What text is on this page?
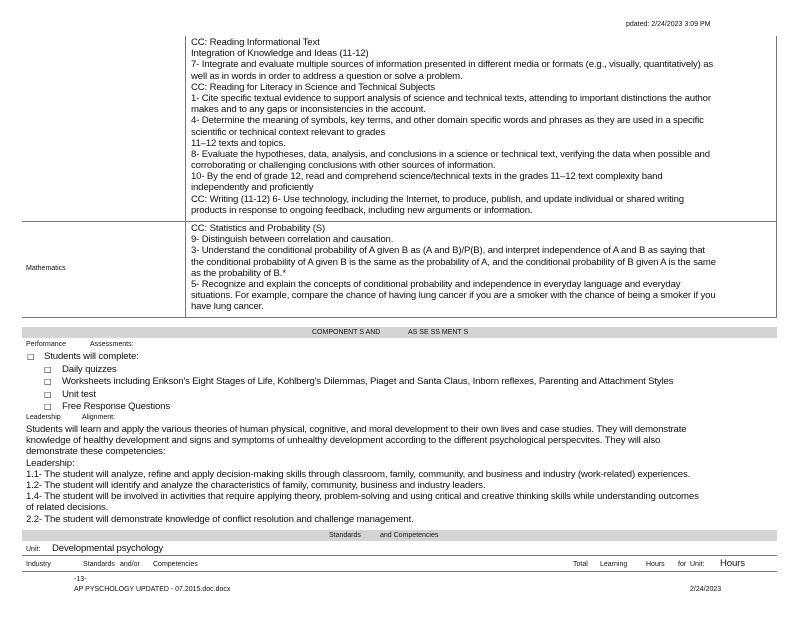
pdated: 2/24/2023 3:09 PM
CC: Reading Informational Text
Integration of Knowledge and Ideas (11-12)
7- Integrate and evaluate multiple sources of information presented in different media or formats (e.g., visually, quantitatively) as
well as in words in order to address a question or solve a problem.
CC: Reading for Literacy in Science and Technical Subjects
1- Cite specific textual evidence to support analysis of science and technical texts, attending to important distinctions the author
makes and to any gaps or inconsistencies in the account.
4- Determine the meaning of symbols, key terms, and other domain specific words and phrases as they are used in a specific
scientific or technical context relevant to grades
11–12 texts and topics.
8- Evaluate the hypotheses, data, analysis, and conclusions in a science or technical text, verifying the data when possible and
corroborating or challenging conclusions with other sources of information.
10- By the end of grade 12, read and comprehend science/technical texts in the grades 11–12 text complexity band
independently and proficiently
CC: Writing (11-12) 6- Use technology, including the Internet, to produce, publish, and update individual or shared writing
products in response to ongoing feedback, including new arguments or information.
Mathematics
CC: Statistics and Probability (S)
9- Distinguish between correlation and causation.
3- Understand the conditional probability of A given B as (A and B)/P(B), and interpret independence of A and B as saying that
the conditional probability of A given B is the same as the probability of A, and the conditional probability of B given A is the same
as the probability of B.*
5- Recognize and explain the concepts of conditional probability and independence in everyday language and everyday
situations. For example, compare the chance of having lung cancer if you are a smoker with the chance of being a smoker if you
have lung cancer.
COMPONENT S AND	AS SE SS MENT S
Performance	Assessments:
□ Students will complete:
□ Daily quizzes
□ Worksheets including Erikson's Eight Stages of Life, Kohlberg's Dilemmas, Piaget and Santa Claus, Inborn reflexes, Parenting and Attachment Styles
□ Unit test
□ Free Response Questions
Leadership	Alignment:
Students will learn and apply the various theories of human physical, cognitive, and moral development to their own lives and case studies. They will demonstrate
knowledge of healthy development and signs and symptoms of unhealthy development according to the different psychological perspecvites. They will also
demonstrate these competencies:
Leadership:
1.1- The student will analyze, refine and apply decision-making skills through classroom, family, community, and business and industry (work-related) experiences.
1.2- The student will identify and analyze the characteristics of family, community, business and industry leaders.
1.4- The student will be involved in activities that require applying theory, problem-solving and using critical and creative thinking skills while understanding outcomes
of related decisions.
2.2- The student will demonstrate knowledge of conflict resolution and challenge management.
Standards	and Competencies
Unit: Developmental psychology
Industry	Standards and/or Competencies	Total Learning	Hours for Unit: Hours
-13-
AP PYSCHOLOGY UPDATED - 07.2015.doc.docx	2/24/2023
